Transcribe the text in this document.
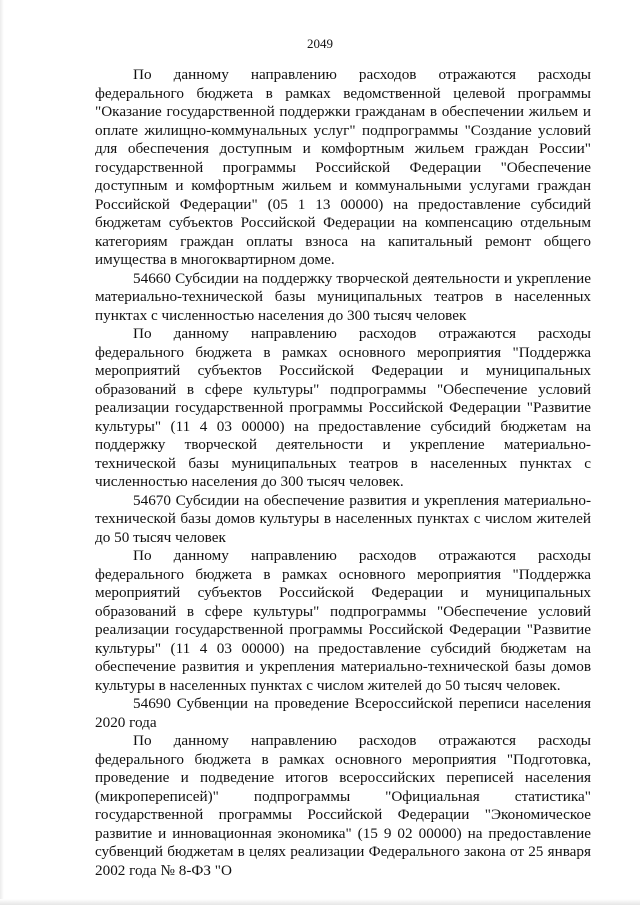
2049

По данному направлению расходов отражаются расходы федерального бюджета в рамках ведомственной целевой программы "Оказание государственной поддержки гражданам в обеспечении жильем и оплате жилищно-коммунальных услуг" подпрограммы "Создание условий для обеспечения доступным и комфортным жильем граждан России" государственной программы Российской Федерации "Обеспечение доступным и комфортным жильем и коммунальными услугами граждан Российской Федерации" (05 1 13 00000) на предоставление субсидий бюджетам субъектов Российской Федерации на компенсацию отдельным категориям граждан оплаты взноса на капитальный ремонт общего имущества в многоквартирном доме.

54660 Субсидии на поддержку творческой деятельности и укрепление материально-технической базы муниципальных театров в населенных пунктах с численностью населения до 300 тысяч человек

По данному направлению расходов отражаются расходы федерального бюджета в рамках основного мероприятия "Поддержка мероприятий субъектов Российской Федерации и муниципальных образований в сфере культуры" подпрограммы "Обеспечение условий реализации государственной программы Российской Федерации "Развитие культуры" (11 4 03 00000) на предоставление субсидий бюджетам на поддержку творческой деятельности и укрепление материально-технической базы муниципальных театров в населенных пунктах с численностью населения до 300 тысяч человек.

54670 Субсидии на обеспечение развития и укрепления материально-технической базы домов культуры в населенных пунктах с числом жителей до 50 тысяч человек

По данному направлению расходов отражаются расходы федерального бюджета в рамках основного мероприятия "Поддержка мероприятий субъектов Российской Федерации и муниципальных образований в сфере культуры" подпрограммы "Обеспечение условий реализации государственной программы Российской Федерации "Развитие культуры" (11 4 03 00000) на предоставление субсидий бюджетам на обеспечение развития и укрепления материально-технической базы домов культуры в населенных пунктах с числом жителей до 50 тысяч человек.

54690 Субвенции на проведение Всероссийской переписи населения 2020 года

По данному направлению расходов отражаются расходы федерального бюджета в рамках основного мероприятия "Подготовка, проведение и подведение итогов всероссийских переписей населения (микропереписей)" подпрограммы "Официальная статистика" государственной программы Российской Федерации "Экономическое развитие и инновационная экономика" (15 9 02 00000) на предоставление субвенций бюджетам в целях реализации Федерального закона от 25 января 2002 года № 8-ФЗ "О
